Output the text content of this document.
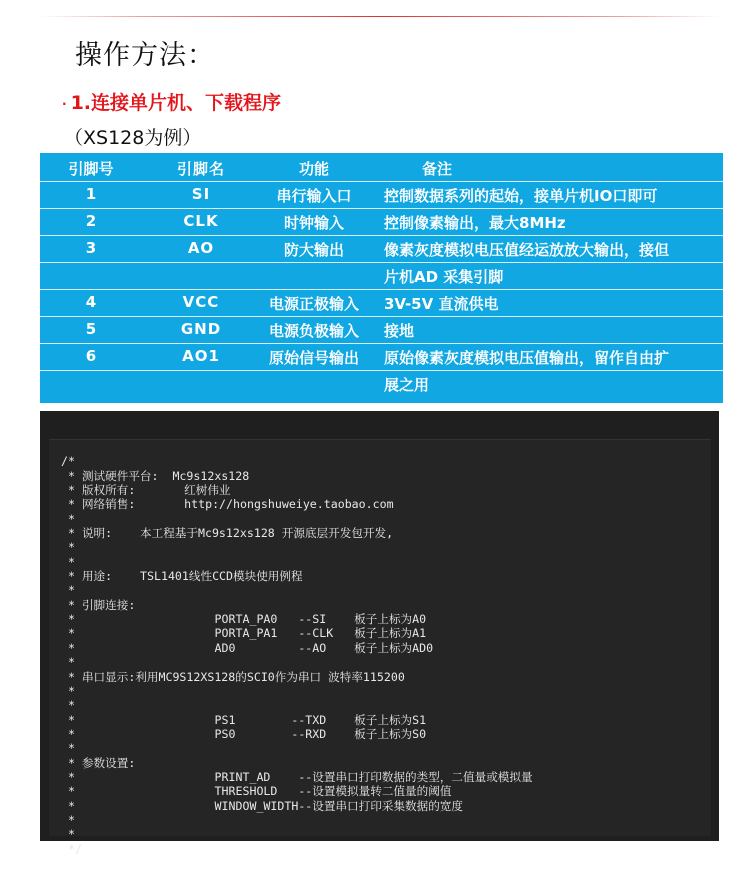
操作方法：
· 1.连接单片机、下载程序
（XS128为例）
引脚号	引脚名	功能	备注
1	SI	串行输入口	控制数据系列的起始，接单片机IO口即可
2	CLK	时钟输入	控制像素输出，最大8MHz
3	AO	防大输出	像素灰度模拟电压值经运放放大输出，接但
片机AD 采集引脚
4	VCC	电源正极输入	3V-5V 直流供电
5	GND	电源负极输入	接地
6	AO1	原始信号输出	原始像素灰度模拟电压值输出，留作自由扩
展之用

/*
* 测试硬件平台:  Mc9s12xs128
* 版权所有:       红树伟业
* 网络销售:       http://hongshuweiye.taobao.com
*
* 说明:    本工程基于Mc9s12xs128 开源底层开发包开发,
*
*
* 用途:    TSL1401线性CCD模块使用例程
*
* 引脚连接:
*                    PORTA_PA0   --SI    板子上标为A0
*                    PORTA_PA1   --CLK   板子上标为A1
*                    AD0         --AO    板子上标为AD0
*
* 串口显示:利用MC9S12XS128的SCI0作为串口 波特率115200
*
*
*                    PS1        --TXD    板子上标为S1
*                    PS0        --RXD    板子上标为S0
*
* 参数设置:
*                    PRINT_AD    --设置串口打印数据的类型，二值量或模拟量
*                    THRESHOLD   --设置模拟量转二值量的阈值
*                    WINDOW_WIDTH--设置串口打印采集数据的宽度
*
*
*/
